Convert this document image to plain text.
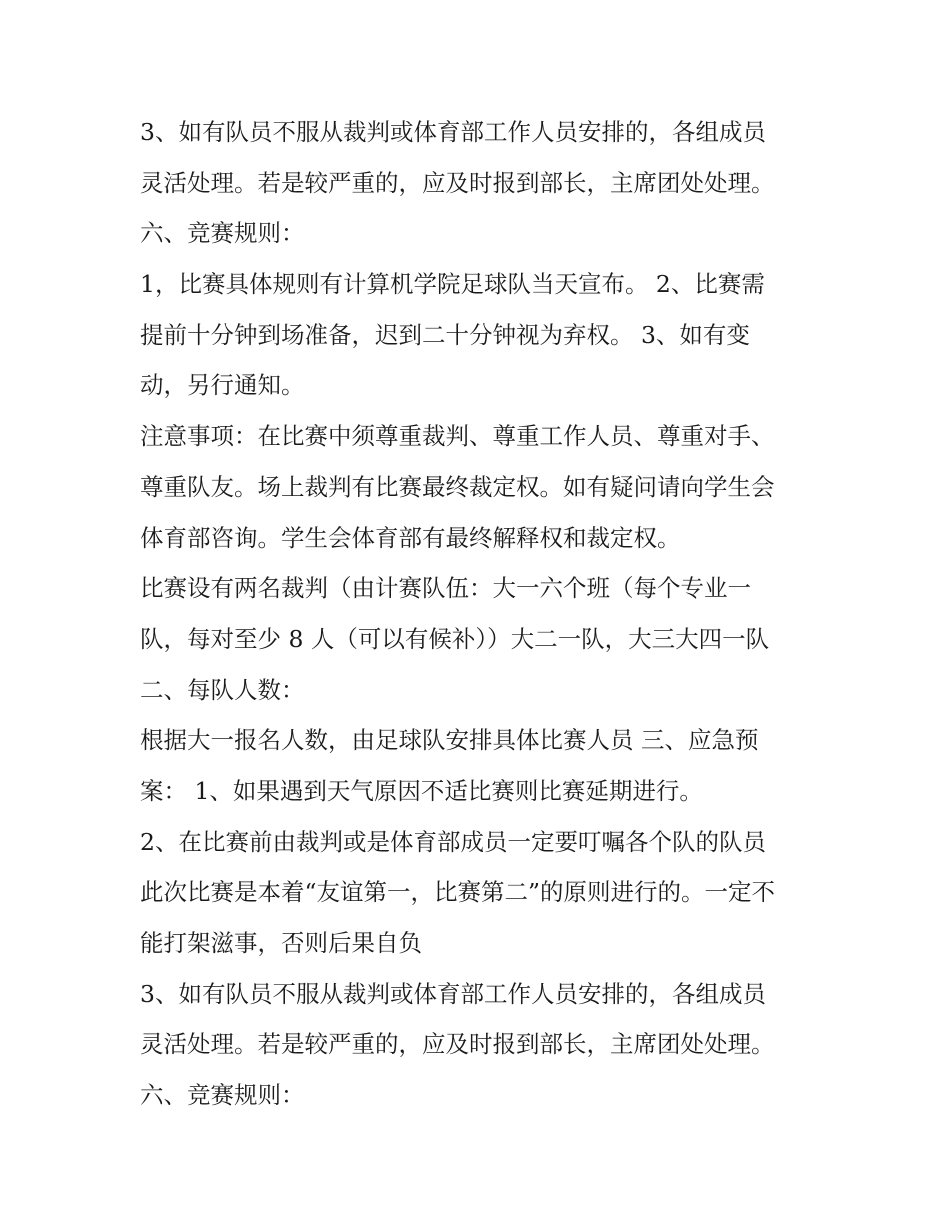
3、如有队员不服从裁判或体育部工作人员安排的，各组成员
灵活处理。若是较严重的，应及时报到部长，主席团处处理。
六、竞赛规则：
1，比赛具体规则有计算机学院足球队当天宣布。 2、比赛需
提前十分钟到场准备，迟到二十分钟视为弃权。 3、如有变
动，另行通知。
注意事项：在比赛中须尊重裁判、尊重工作人员、尊重对手、
尊重队友。场上裁判有比赛最终裁定权。如有疑问请向学生会
体育部咨询。学生会体育部有最终解释权和裁定权。
比赛设有两名裁判（由计赛队伍：大一六个班（每个专业一
队，每对至少 8 人（可以有候补））大二一队，大三大四一队
二、每队人数：
根据大一报名人数，由足球队安排具体比赛人员 三、应急预
案： 1、如果遇到天气原因不适比赛则比赛延期进行。
2、在比赛前由裁判或是体育部成员一定要叮嘱各个队的队员
此次比赛是本着“友谊第一，比赛第二”的原则进行的。一定不
能打架滋事，否则后果自负
3、如有队员不服从裁判或体育部工作人员安排的，各组成员
灵活处理。若是较严重的，应及时报到部长，主席团处处理。
六、竞赛规则：
